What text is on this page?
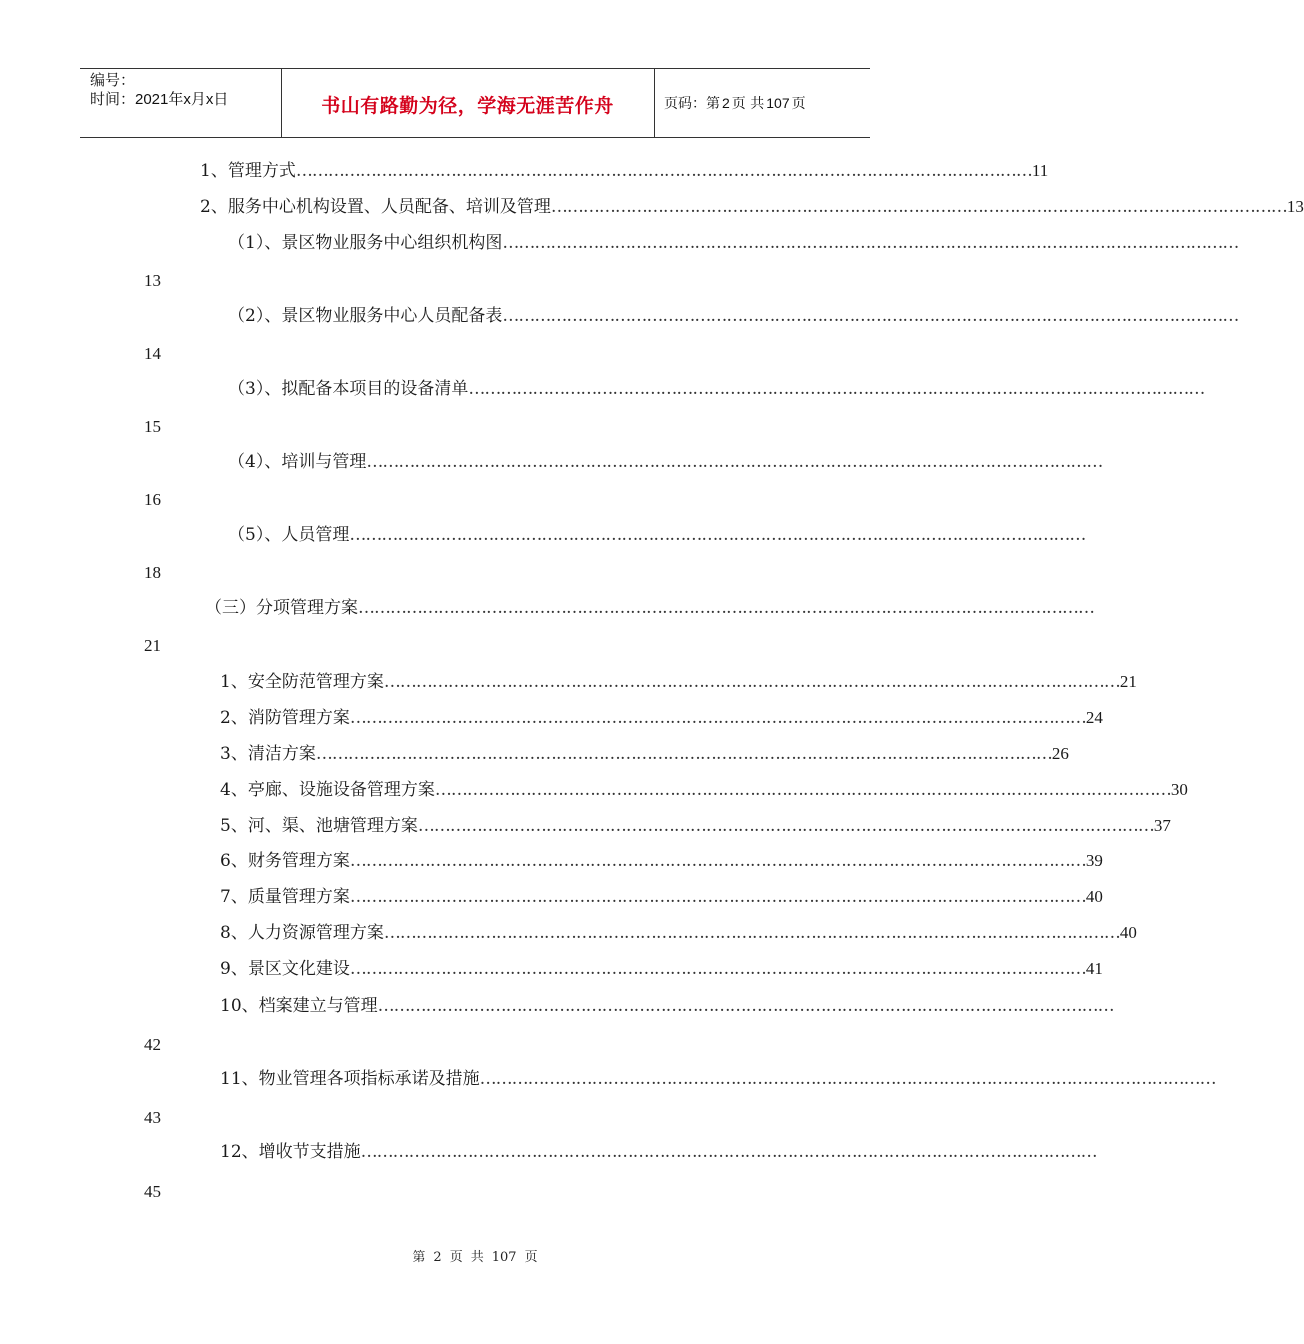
编号：
时间：2021年x月x日	书山有路勤为径，学海无涯苦作舟	页码：第 2 页 共 107 页
1、管理方式 ………………………………………………………………………………………………………………………… 11
2、服务中心机构设置、人员配备、培训及管理 ………………………………………………………………………………………………………………………… 13
（1）、景区物业服务中心组织机构图 …………………………………………………………………………………………………………………………
13
（2）、景区物业服务中心人员配备表 …………………………………………………………………………………………………………………………
14
（3）、拟配备本项目的设备清单 …………………………………………………………………………………………………………………………
15
（4）、培训与管理 …………………………………………………………………………………………………………………………
16
（5）、人员管理 …………………………………………………………………………………………………………………………
18
（三）分项管理方案 …………………………………………………………………………………………………………………………
21
1、安全防范管理方案 ………………………………………………………………………………………………………………………… 21
2、消防管理方案 ………………………………………………………………………………………………………………………… 24
3、清洁方案 ………………………………………………………………………………………………………………………… 26
4、亭廊、设施设备管理方案 ………………………………………………………………………………………………………………………… 30
5、河、渠、池塘管理方案 ………………………………………………………………………………………………………………………… 37
6、财务管理方案 ………………………………………………………………………………………………………………………… 39
7、质量管理方案 ………………………………………………………………………………………………………………………… 40
8、人力资源管理方案 ………………………………………………………………………………………………………………………… 40
9、景区文化建设 ………………………………………………………………………………………………………………………… 41
10、档案建立与管理 …………………………………………………………………………………………………………………………
42
11、物业管理各项指标承诺及措施 …………………………………………………………………………………………………………………………
43
12、增收节支措施 …………………………………………………………………………………………………………………………
45
第 2 页 共 107 页
